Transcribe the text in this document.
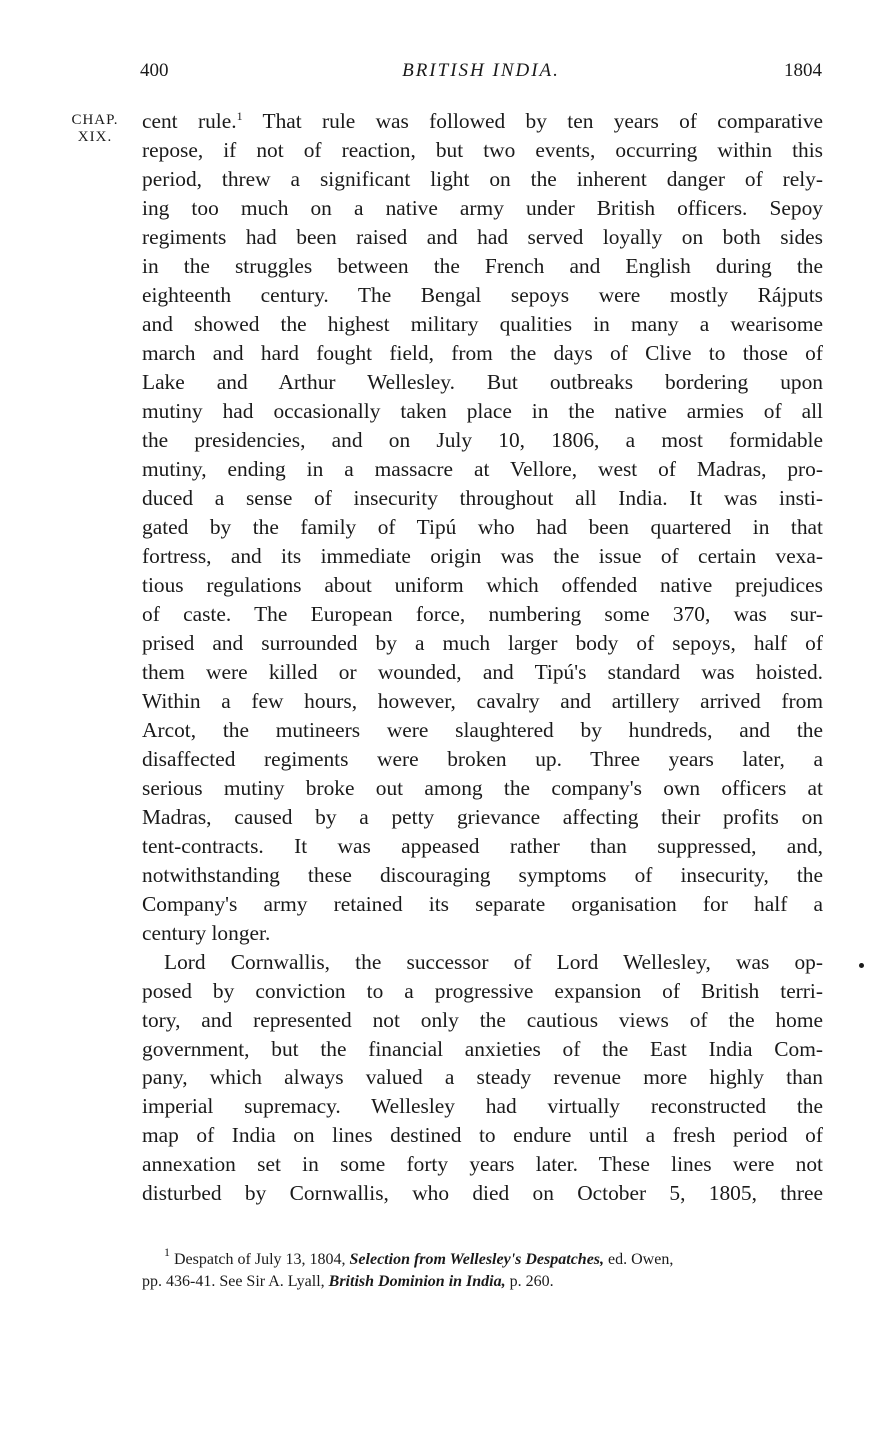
400	BRITISH INDIA.	1804
CHAP.
XIX.
cent rule.$^1$ That rule was followed by ten years of comparative
repose, if not of reaction, but two events, occurring within this
period, threw a significant light on the inherent danger of rely-
ing too much on a native army under British officers. Sepoy
regiments had been raised and had served loyally on both sides
in the struggles between the French and English during the
eighteenth century. The Bengal sepoys were mostly Rájputs
and showed the highest military qualities in many a wearisome
march and hard fought field, from the days of Clive to those of
Lake and Arthur Wellesley. But outbreaks bordering upon
mutiny had occasionally taken place in the native armies of all
the presidencies, and on July 10, 1806, a most formidable
mutiny, ending in a massacre at Vellore, west of Madras, pro-
duced a sense of insecurity throughout all India. It was insti-
gated by the family of Tipú who had been quartered in that
fortress, and its immediate origin was the issue of certain vexa-
tious regulations about uniform which offended native prejudices
of caste. The European force, numbering some 370, was sur-
prised and surrounded by a much larger body of sepoys, half of
them were killed or wounded, and Tipú's standard was hoisted.
Within a few hours, however, cavalry and artillery arrived from
Arcot, the mutineers were slaughtered by hundreds, and the
disaffected regiments were broken up. Three years later, a
serious mutiny broke out among the company's own officers at
Madras, caused by a petty grievance affecting their profits on
tent-contracts. It was appeased rather than suppressed, and,
notwithstanding these discouraging symptoms of insecurity, the
Company's army retained its separate organisation for half a
century longer.
Lord Cornwallis, the successor of Lord Wellesley, was op-
posed by conviction to a progressive expansion of British terri-
tory, and represented not only the cautious views of the home
government, but the financial anxieties of the East India Com-
pany, which always valued a steady revenue more highly than
imperial supremacy. Wellesley had virtually reconstructed the
map of India on lines destined to endure until a fresh period of
annexation set in some forty years later. These lines were not
disturbed by Cornwallis, who died on October 5, 1805, three
$^1$ Despatch of July 13, 1804, Selection from Wellesley's Despatches, ed. Owen,
pp. 436-41. See Sir A. Lyall, British Dominion in India, p. 260.
